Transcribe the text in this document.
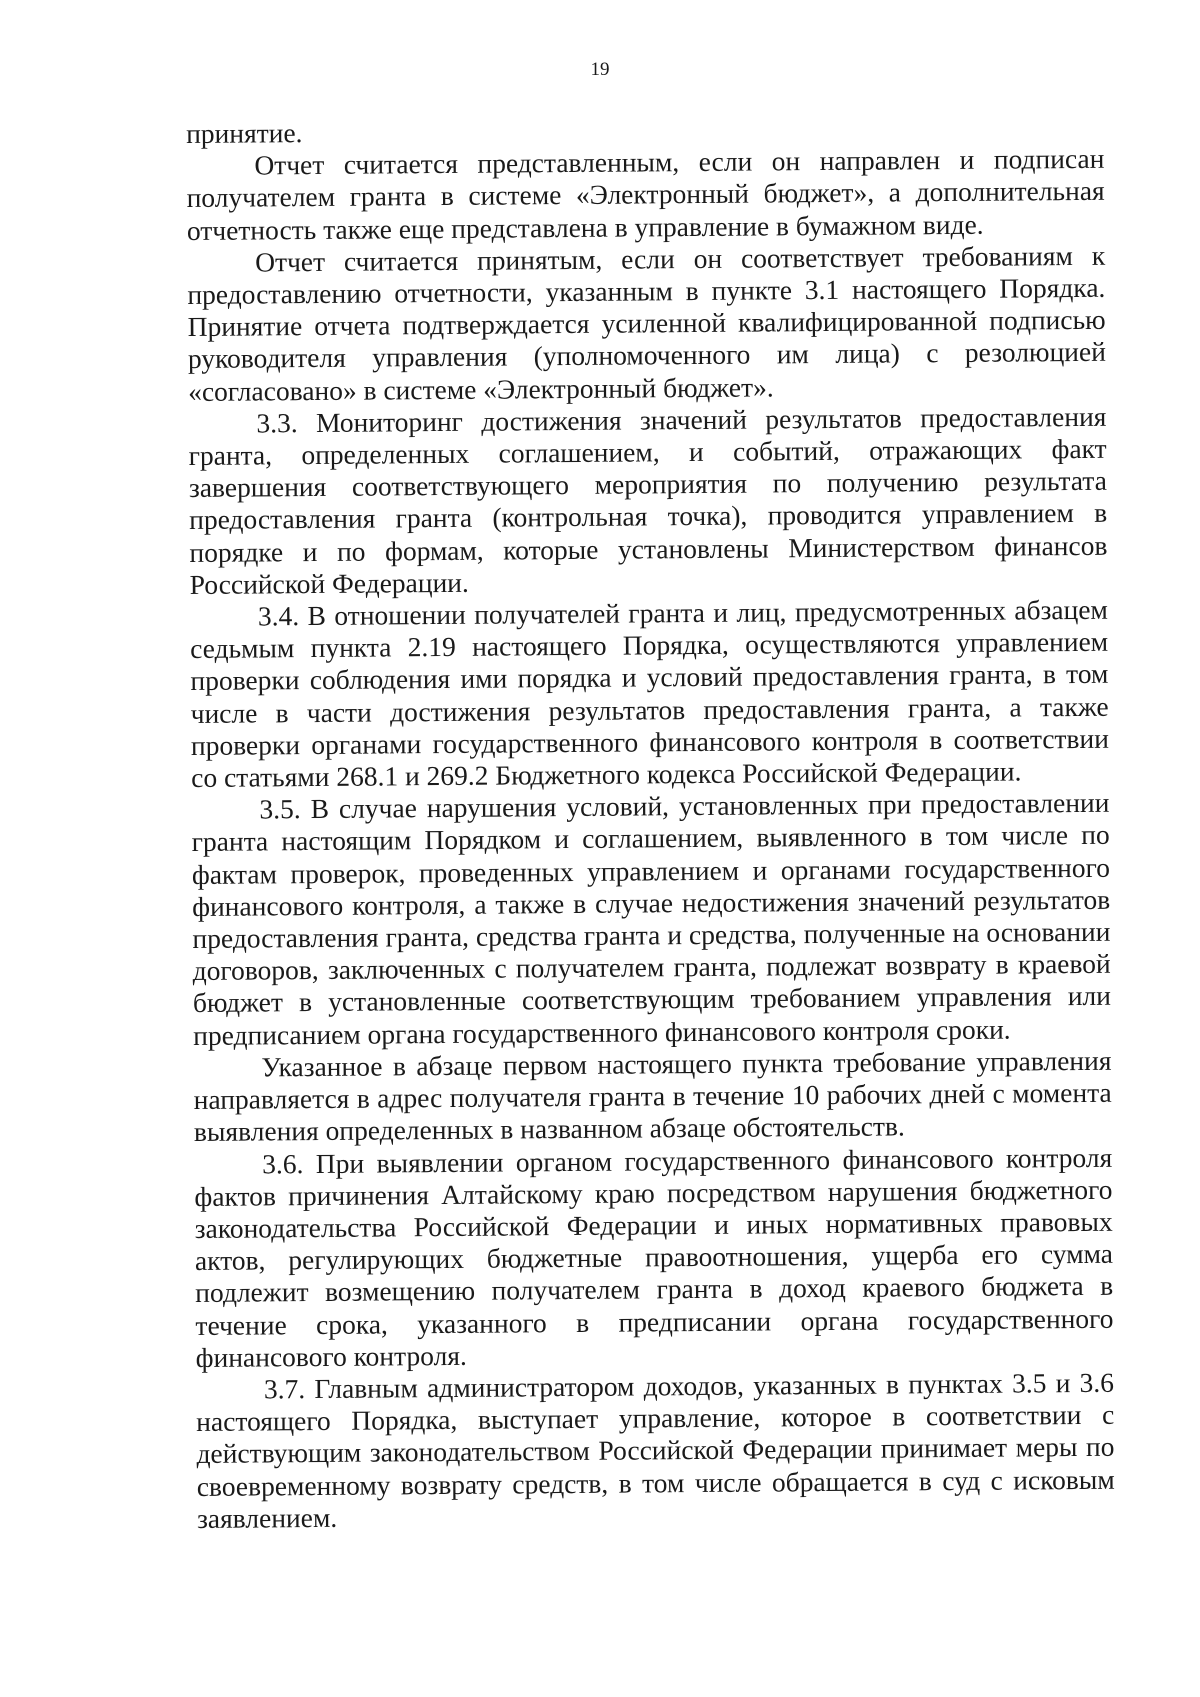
19

принятие.

Отчет считается представленным, если он направлен и подписан получателем гранта в системе «Электронный бюджет», а дополнительная отчетность также еще представлена в управление в бумажном виде.

Отчет считается принятым, если он соответствует требованиям к предоставлению отчетности, указанным в пункте 3.1 настоящего Порядка. Принятие отчета подтверждается усиленной квалифицированной подписью руководителя управления (уполномоченного им лица) с резолюцией «согласовано» в системе «Электронный бюджет».

3.3. Мониторинг достижения значений результатов предоставления гранта, определенных соглашением, и событий, отражающих факт завершения соответствующего мероприятия по получению результата предоставления гранта (контрольная точка), проводится управлением в порядке и по формам, которые установлены Министерством финансов Российской Федерации.

3.4. В отношении получателей гранта и лиц, предусмотренных абзацем седьмым пункта 2.19 настоящего Порядка, осуществляются управлением проверки соблюдения ими порядка и условий предоставления гранта, в том числе в части достижения результатов предоставления гранта, а также проверки органами государственного финансового контроля в соответствии со статьями 268.1 и 269.2 Бюджетного кодекса Российской Федерации.

3.5. В случае нарушения условий, установленных при предоставлении гранта настоящим Порядком и соглашением, выявленного в том числе по фактам проверок, проведенных управлением и органами государственного финансового контроля, а также в случае недостижения значений результатов предоставления гранта, средства гранта и средства, полученные на основании договоров, заключенных с получателем гранта, подлежат возврату в краевой бюджет в установленные соответствующим требованием управления или предписанием органа государственного финансового контроля сроки.

Указанное в абзаце первом настоящего пункта требование управления направляется в адрес получателя гранта в течение 10 рабочих дней с момента выявления определенных в названном абзаце обстоятельств.

3.6. При выявлении органом государственного финансового контроля фактов причинения Алтайскому краю посредством нарушения бюджетного законодательства Российской Федерации и иных нормативных правовых актов, регулирующих бюджетные правоотношения, ущерба его сумма подлежит возмещению получателем гранта в доход краевого бюджета в течение срока, указанного в предписании органа государственного финансового контроля.

3.7. Главным администратором доходов, указанных в пунктах 3.5 и 3.6 настоящего Порядка, выступает управление, которое в соответствии с действующим законодательством Российской Федерации принимает меры по своевременному возврату средств, в том числе обращается в суд с исковым заявлением.
